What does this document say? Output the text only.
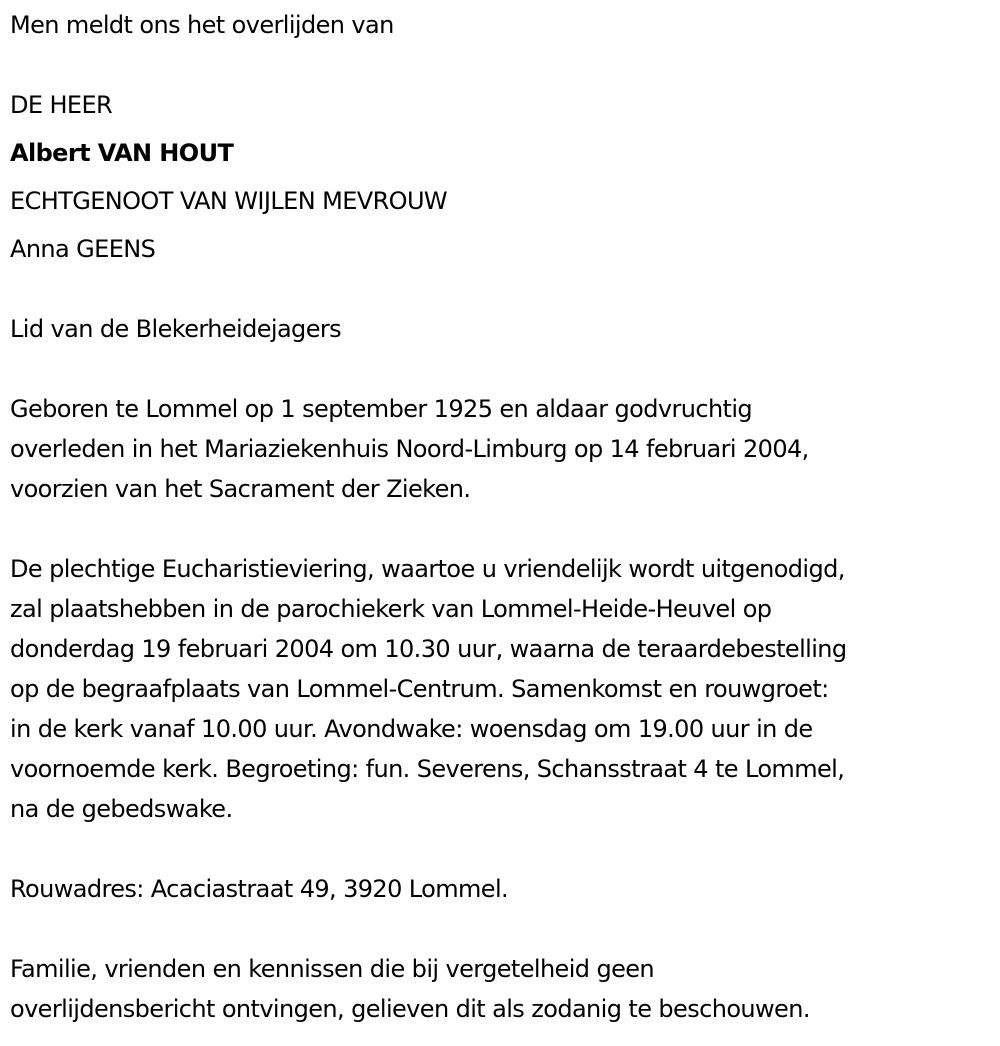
Men meldt ons het overlijden van
DE HEER
Albert VAN HOUT
ECHTGENOOT VAN WIJLEN MEVROUW
Anna GEENS
Lid van de Blekerheidejagers
Geboren te Lommel op 1 september 1925 en aldaar godvruchtig
overleden in het Mariaziekenhuis Noord-Limburg op 14 februari 2004,
voorzien van het Sacrament der Zieken.
De plechtige Eucharistieviering, waartoe u vriendelijk wordt uitgenodigd,
zal plaatshebben in de parochiekerk van Lommel-Heide-Heuvel op
donderdag 19 februari 2004 om 10.30 uur, waarna de teraardebestelling
op de begraafplaats van Lommel-Centrum. Samenkomst en rouwgroet:
in de kerk vanaf 10.00 uur. Avondwake: woensdag om 19.00 uur in de
voornoemde kerk. Begroeting: fun. Severens, Schansstraat 4 te Lommel,
na de gebedswake.
Rouwadres: Acaciastraat 49, 3920 Lommel.
Familie, vrienden en kennissen die bij vergetelheid geen
overlijdensbericht ontvingen, gelieven dit als zodanig te beschouwen.
